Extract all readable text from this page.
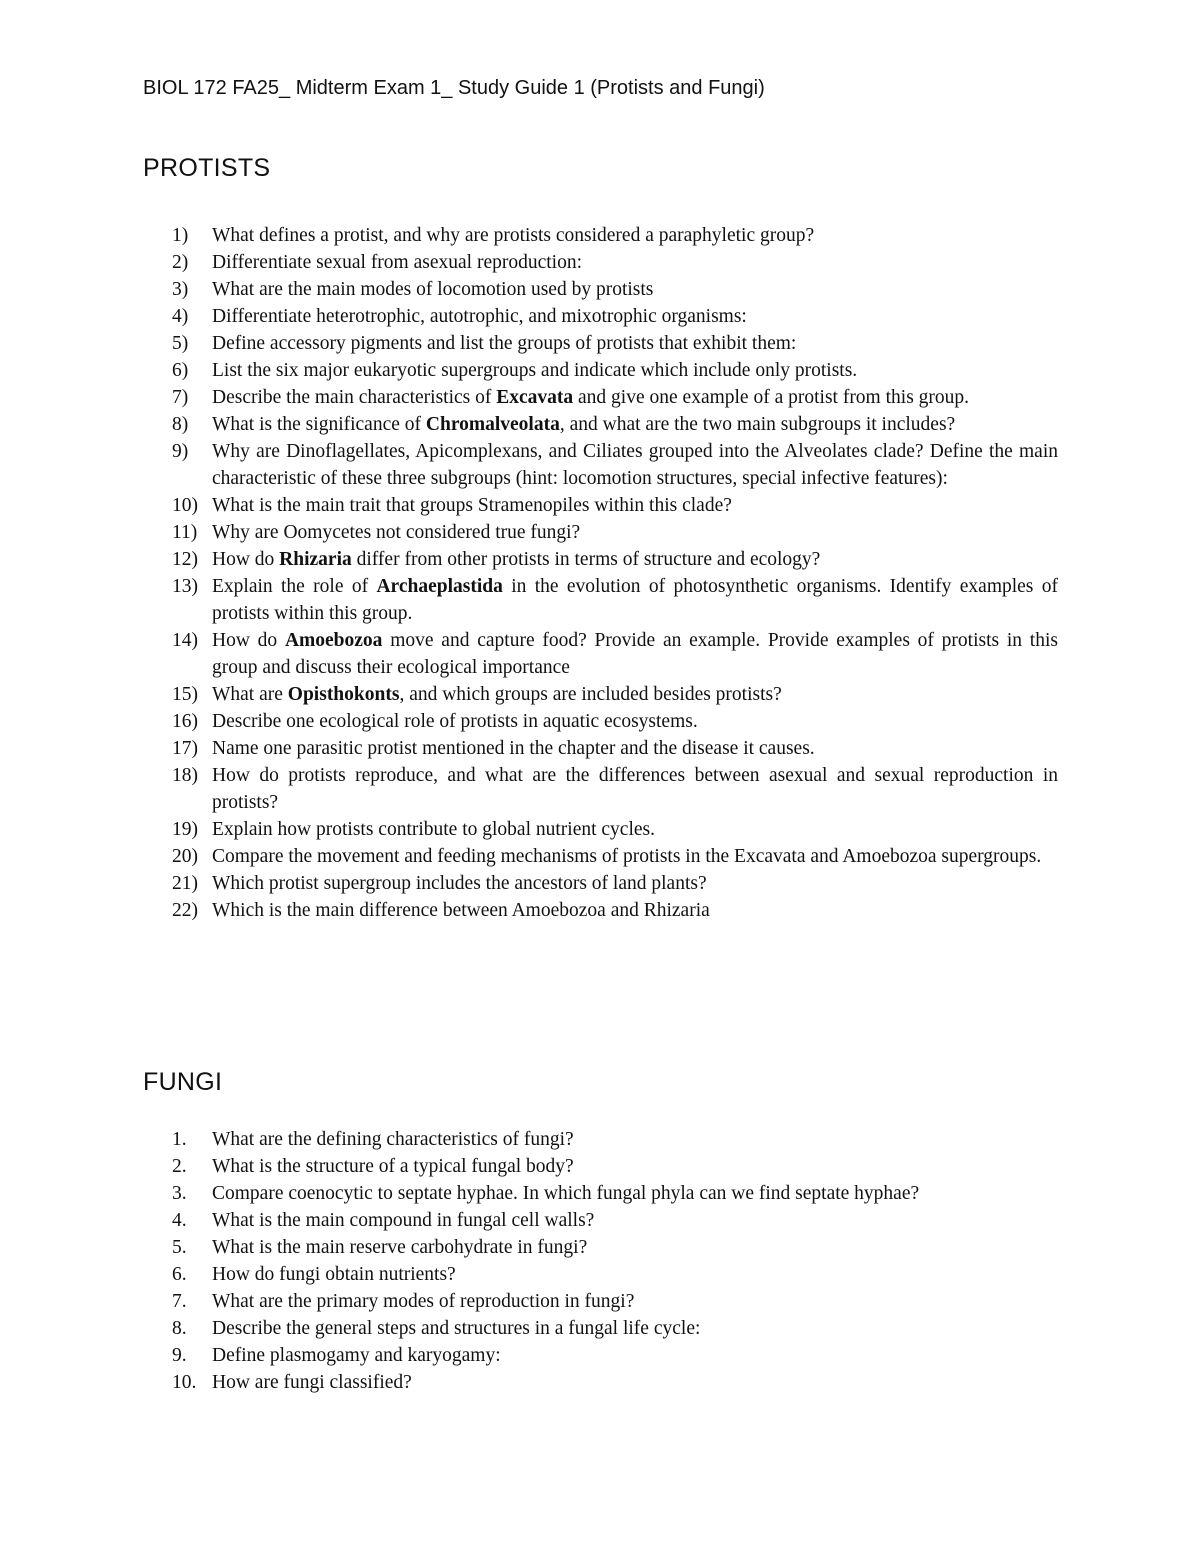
BIOL 172 FA25_ Midterm Exam 1_ Study Guide 1 (Protists and Fungi)
PROTISTS
1)	What defines a protist, and why are protists considered a paraphyletic group?
2)	Differentiate sexual from asexual reproduction:
3)	What are the main modes of locomotion used by protists
4)	Differentiate heterotrophic, autotrophic, and mixotrophic organisms:
5)	Define accessory pigments and list the groups of protists that exhibit them:
6)	List the six major eukaryotic supergroups and indicate which include only protists.
7)	Describe the main characteristics of Excavata and give one example of a protist from this group.
8)	What is the significance of Chromalveolata, and what are the two main subgroups it includes?
9)	Why are Dinoflagellates, Apicomplexans, and Ciliates grouped into the Alveolates clade? Define the main characteristic of these three subgroups (hint: locomotion structures, special infective features):
10) What is the main trait that groups Stramenopiles within this clade?
11) Why are Oomycetes not considered true fungi?
12) How do Rhizaria differ from other protists in terms of structure and ecology?
13) Explain the role of Archaeplastida in the evolution of photosynthetic organisms. Identify examples of protists within this group.
14) How do Amoebozoa move and capture food? Provide an example. Provide examples of protists in this group and discuss their ecological importance
15) What are Opisthokonts, and which groups are included besides protists?
16) Describe one ecological role of protists in aquatic ecosystems.
17) Name one parasitic protist mentioned in the chapter and the disease it causes.
18) How do protists reproduce, and what are the differences between asexual and sexual reproduction in protists?
19) Explain how protists contribute to global nutrient cycles.
20) Compare the movement and feeding mechanisms of protists in the Excavata and Amoebozoa supergroups.
21) Which protist supergroup includes the ancestors of land plants?
22) Which is the main difference between Amoebozoa and Rhizaria
FUNGI
1.	What are the defining characteristics of fungi?
2.	What is the structure of a typical fungal body?
3.	Compare coenocytic to septate hyphae. In which fungal phyla can we find septate hyphae?
4.	What is the main compound in fungal cell walls?
5.	What is the main reserve carbohydrate in fungi?
6.	How do fungi obtain nutrients?
7.	What are the primary modes of reproduction in fungi?
8.	Describe the general steps and structures in a fungal life cycle:
9.	Define plasmogamy and karyogamy:
10. How are fungi classified?
